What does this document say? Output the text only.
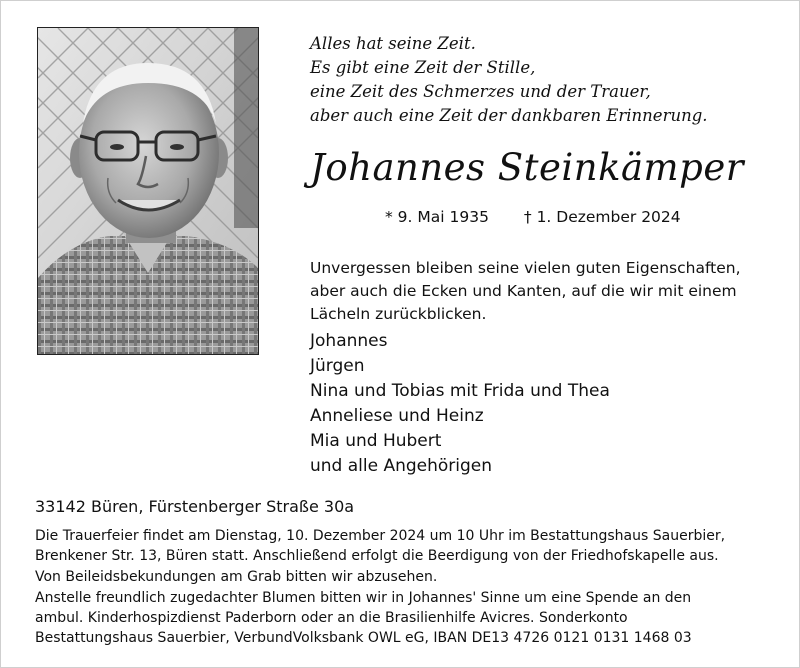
Alles hat seine Zeit.
Es gibt eine Zeit der Stille,
eine Zeit des Schmerzes und der Trauer,
aber auch eine Zeit der dankbaren Erinnerung.
Johannes Steinkämper
* 9. Mai 1935 † 1. Dezember 2024
Unvergessen bleiben seine vielen guten Eigenschaften,
aber auch die Ecken und Kanten, auf die wir mit einem
Lächeln zurückblicken.
Johannes
Jürgen
Nina und Tobias mit Frida und Thea
Anneliese und Heinz
Mia und Hubert
und alle Angehörigen
33142 Büren, Fürstenberger Straße 30a
Die Trauerfeier findet am Dienstag, 10. Dezember 2024 um 10 Uhr im Bestattungshaus Sauerbier,
Brenkener Str. 13, Büren statt. Anschließend erfolgt die Beerdigung von der Friedhofskapelle aus.
Von Beileidsbekundungen am Grab bitten wir abzusehen.
Anstelle freundlich zugedachter Blumen bitten wir in Johannes' Sinne um eine Spende an den
ambul. Kinderhospizdienst Paderborn oder an die Brasilienhilfe Avicres. Sonderkonto
Bestattungshaus Sauerbier, VerbundVolksbank OWL eG, IBAN DE13 4726 0121 0131 1468 03
